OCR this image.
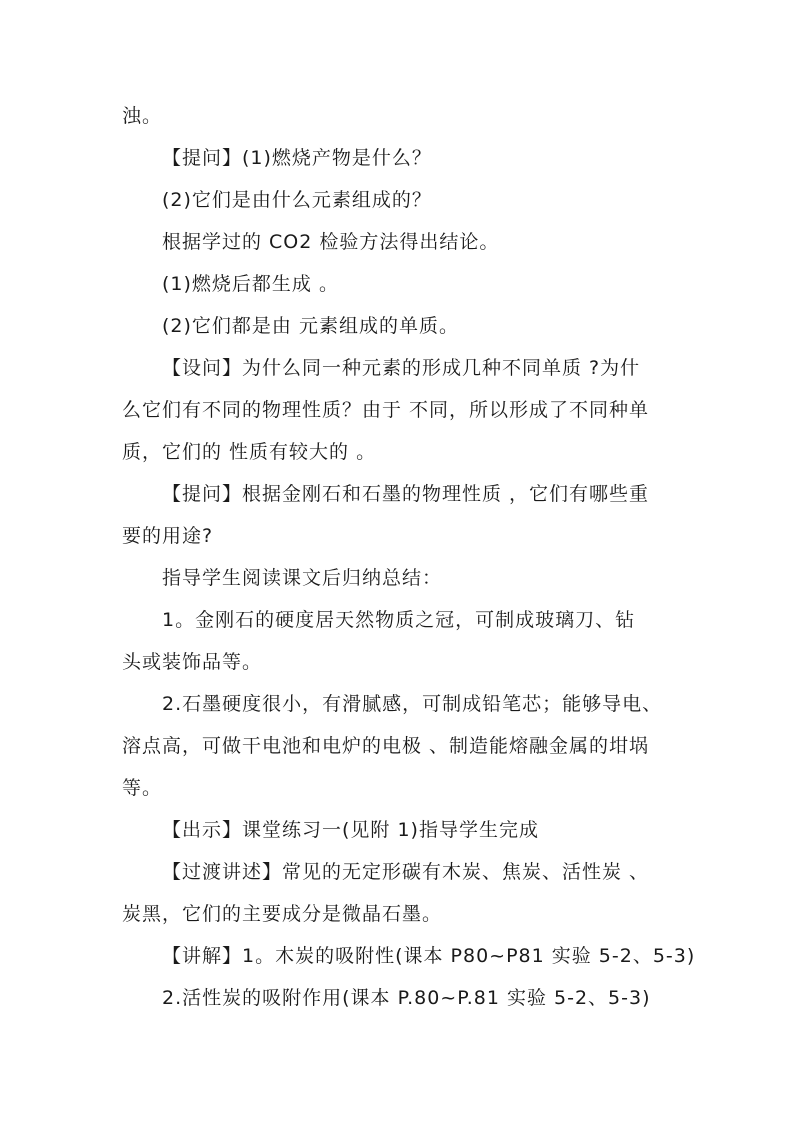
浊。
【提问】(1)燃烧产物是什么？
(2)它们是由什么元素组成的？
根据学过的 CO2 检验方法得出结论。
(1)燃烧后都生成 。
(2)它们都是由 元素组成的单质。
【设问】为什么同一种元素的形成几种不同单质 ?为什
么它们有不同的物理性质？由于 不同，所以形成了不同种单
质，它们的 性质有较大的 。
【提问】根据金刚石和石墨的物理性质 ，它们有哪些重
要的用途?
指导学生阅读课文后归纳总结：
1。金刚石的硬度居天然物质之冠，可制成玻璃刀、钻
头或装饰品等。
2.石墨硬度很小，有滑腻感，可制成铅笔芯；能够导电、
溶点高，可做干电池和电炉的电极 、制造能熔融金属的坩埚
等。
【出示】课堂练习一(见附 1)指导学生完成
【过渡讲述】常见的无定形碳有木炭、焦炭、活性炭 、
炭黑，它们的主要成分是微晶石墨。
【讲解】1。木炭的吸附性(课本 P80~P81 实验 5-2、5-3)
2.活性炭的吸附作用(课本 P.80~P.81 实验 5-2、5-3)
